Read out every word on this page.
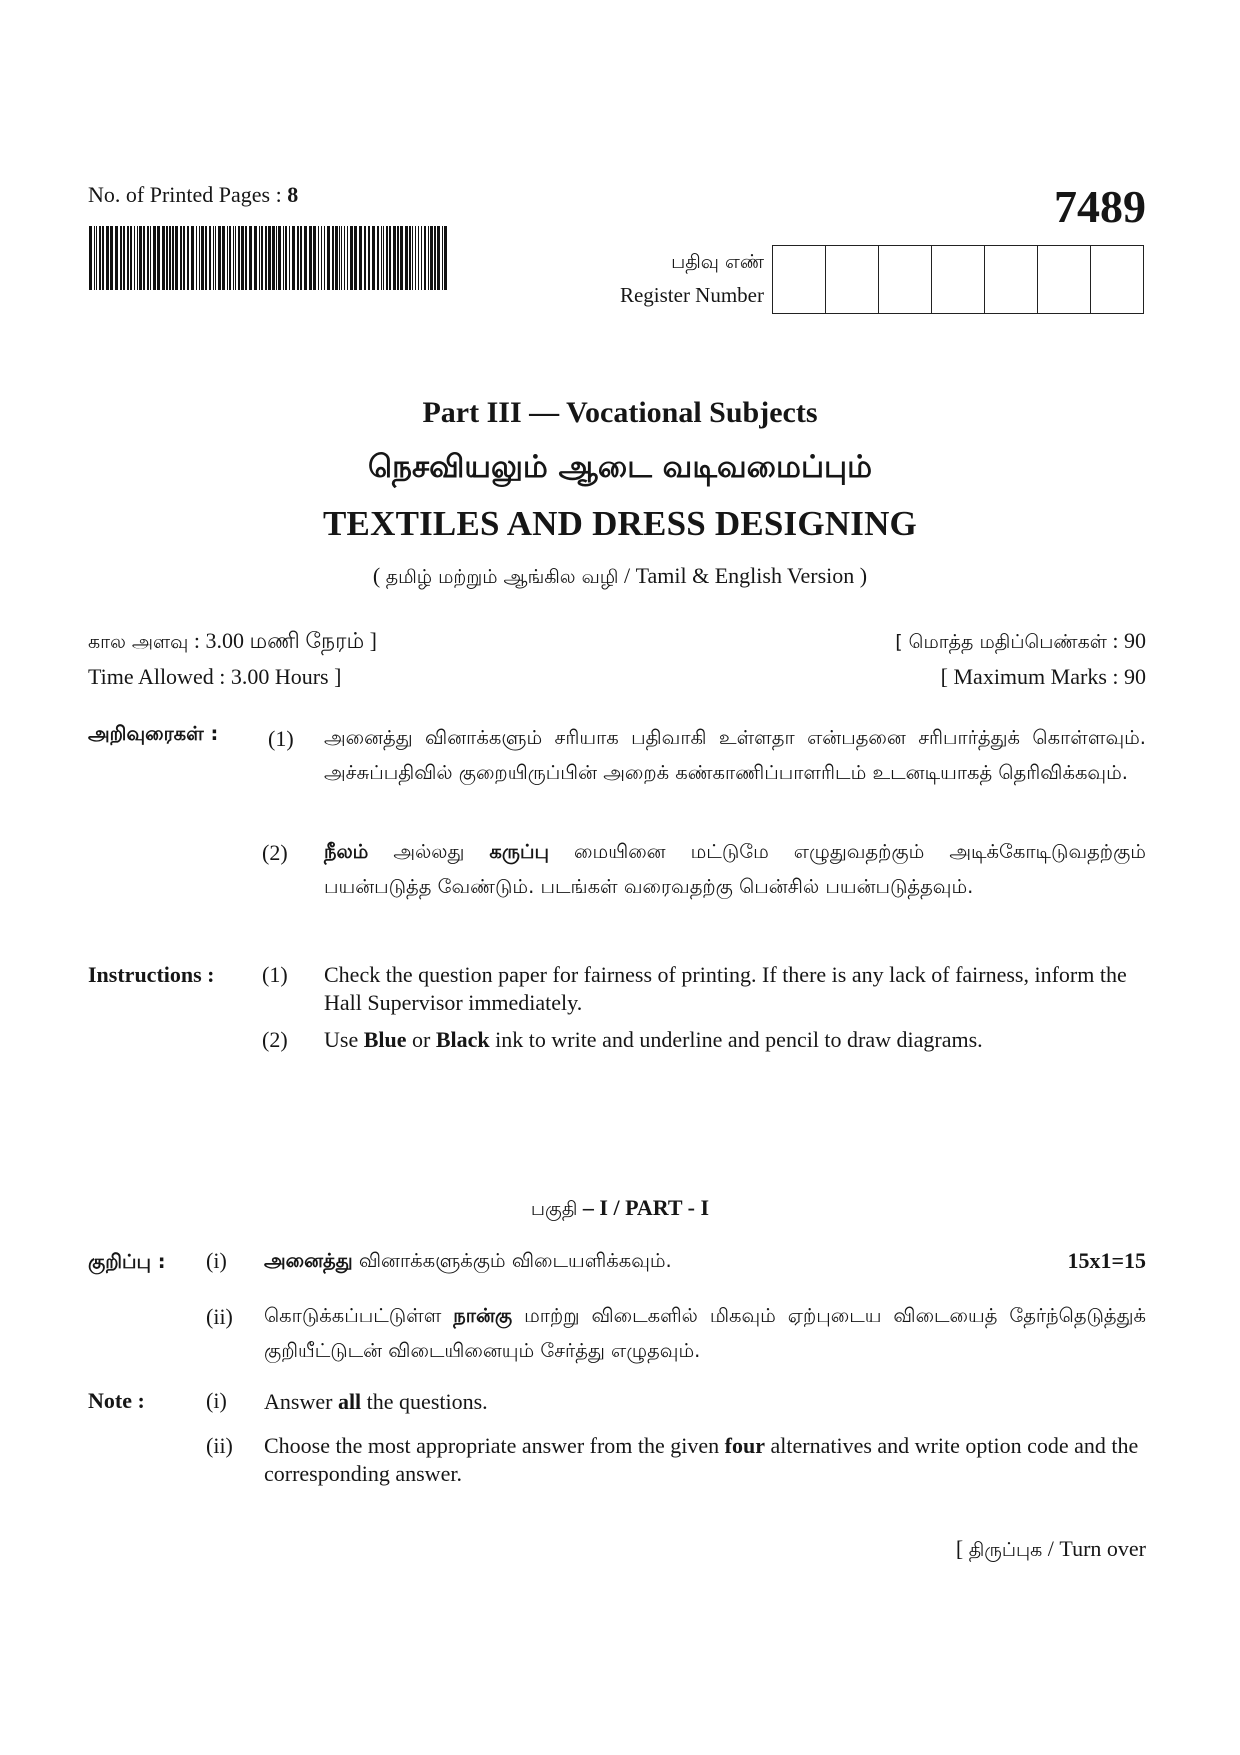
No. of Printed Pages : 8	7489
பதிவு எண்
Register Number
Part III — Vocational Subjects
நெசவியலும் ஆடை வடிவமைப்பும்
TEXTILES AND DRESS DESIGNING
( தமிழ் மற்றும் ஆங்கில வழி / Tamil & English Version )
கால அளவு : 3.00 மணி நேரம் ]	[ மொத்த மதிப்பெண்கள் : 90
Time Allowed : 3.00 Hours ]	[ Maximum Marks : 90
அறிவுரைகள் : (1) அனைத்து வினாக்களும் சரியாக பதிவாகி உள்ளதா என்பதனை சரிபார்த்துக் கொள்ளவும். அச்சுப்பதிவில் குறையிருப்பின் அறைக் கண்காணிப்பாளரிடம் உடனடியாகத் தெரிவிக்கவும்.
(2) நீலம் அல்லது கருப்பு மையினை மட்டுமே எழுதுவதற்கும் அடிக்கோடிடுவதற்கும் பயன்படுத்த வேண்டும். படங்கள் வரைவதற்கு பென்சில் பயன்படுத்தவும்.
Instructions : (1) Check the question paper for fairness of printing. If there is any lack of fairness, inform the Hall Supervisor immediately.
(2) Use Blue or Black ink to write and underline and pencil to draw diagrams.
பகுதி – I / PART - I
குறிப்பு : (i) அனைத்து வினாக்களுக்கும் விடையளிக்கவும்.	15x1=15
(ii) கொடுக்கப்பட்டுள்ள நான்கு மாற்று விடைகளில் மிகவும் ஏற்புடைய விடையைத் தேர்ந்தெடுத்துக் குறியீட்டுடன் விடையினையும் சேர்த்து எழுதவும்.
Note :	(i) Answer all the questions.
(ii) Choose the most appropriate answer from the given four alternatives and write option code and the corresponding answer.
[ திருப்புக / Turn over
